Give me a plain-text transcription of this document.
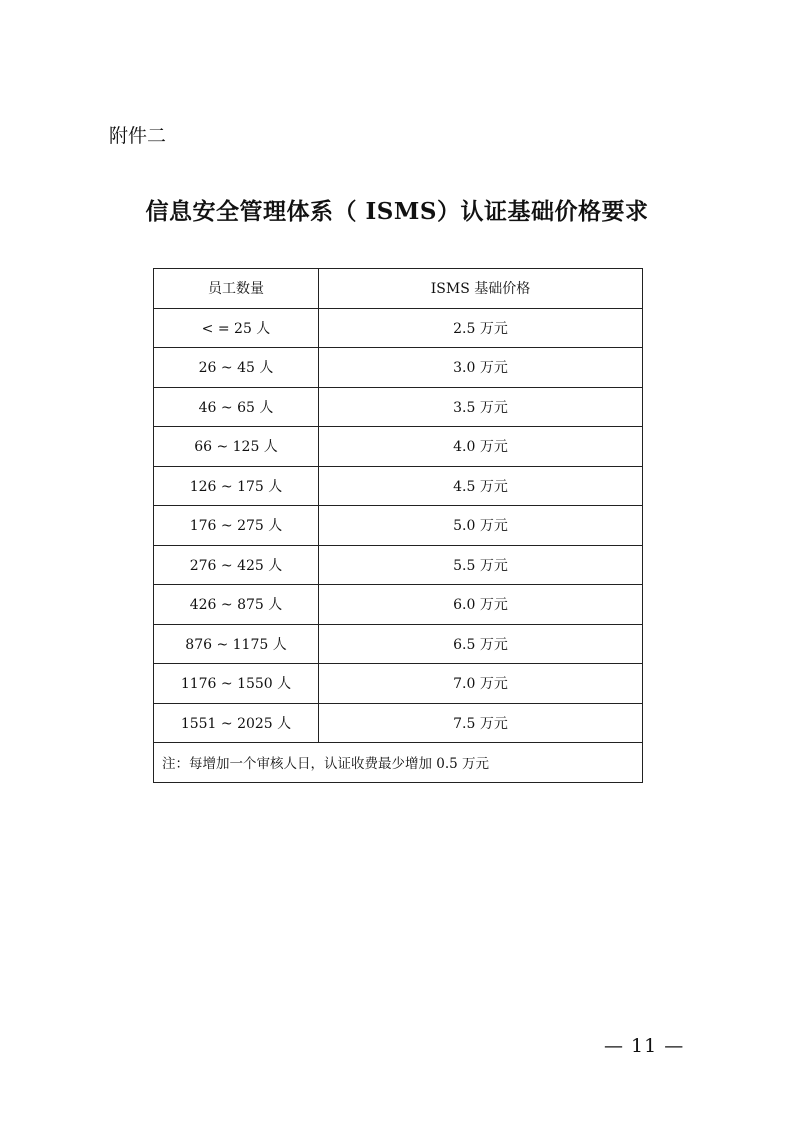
附件二
信息安全管理体系（ ISMS）认证基础价格要求
员工数量	ISMS 基础价格
< = 25 人	2.5 万元
26 ~ 45 人	3.0 万元
46 ~ 65 人	3.5 万元
66 ~ 125 人	4.0 万元
126 ~ 175 人	4.5 万元
176 ~ 275 人	5.0 万元
276 ~ 425 人	5.5 万元
426 ~ 875 人	6.0 万元
876 ~ 1175 人	6.5 万元
1176 ~ 1550 人	7.0 万元
1551 ~ 2025 人	7.5 万元
注：每增加一个审核人日，认证收费最少增加 0.5 万元	
— 11 —
